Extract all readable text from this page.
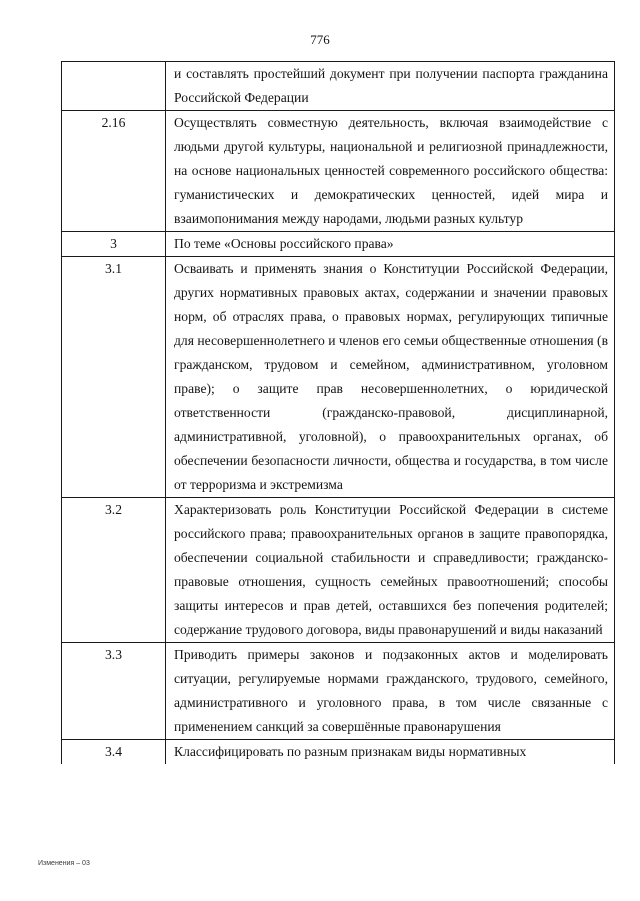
776
	и составлять простейший документ при получении паспорта гражданина Российской Федерации
2.16	Осуществлять совместную деятельность, включая взаимодействие с людьми другой культуры, национальной и религиозной принадлежности, на основе национальных ценностей современного российского общества: гуманистических и демократических ценностей, идей мира и взаимопонимания между народами, людьми разных культур
3	По теме «Основы российского права»
3.1	Осваивать и применять знания о Конституции Российской Федерации, других нормативных правовых актах, содержании и значении правовых норм, об отраслях права, о правовых нормах, регулирующих типичные для несовершеннолетнего и членов его семьи общественные отношения (в гражданском, трудовом и семейном, административном, уголовном праве); о защите прав несовершеннолетних, о юридической ответственности (гражданско-правовой, дисциплинарной, административной, уголовной), о правоохранительных органах, об обеспечении безопасности личности, общества и государства, в том числе от терроризма и экстремизма
3.2	Характеризовать роль Конституции Российской Федерации в системе российского права; правоохранительных органов в защите правопорядка, обеспечении социальной стабильности и справедливости; гражданско-правовые отношения, сущность семейных правоотношений; способы защиты интересов и прав детей, оставшихся без попечения родителей; содержание трудового договора, виды правонарушений и виды наказаний
3.3	Приводить примеры законов и подзаконных актов и моделировать ситуации, регулируемые нормами гражданского, трудового, семейного, административного и уголовного права, в том числе связанные с применением санкций за совершённые правонарушения
3.4	Классифицировать по разным признакам виды нормативных
Изменения – 03
